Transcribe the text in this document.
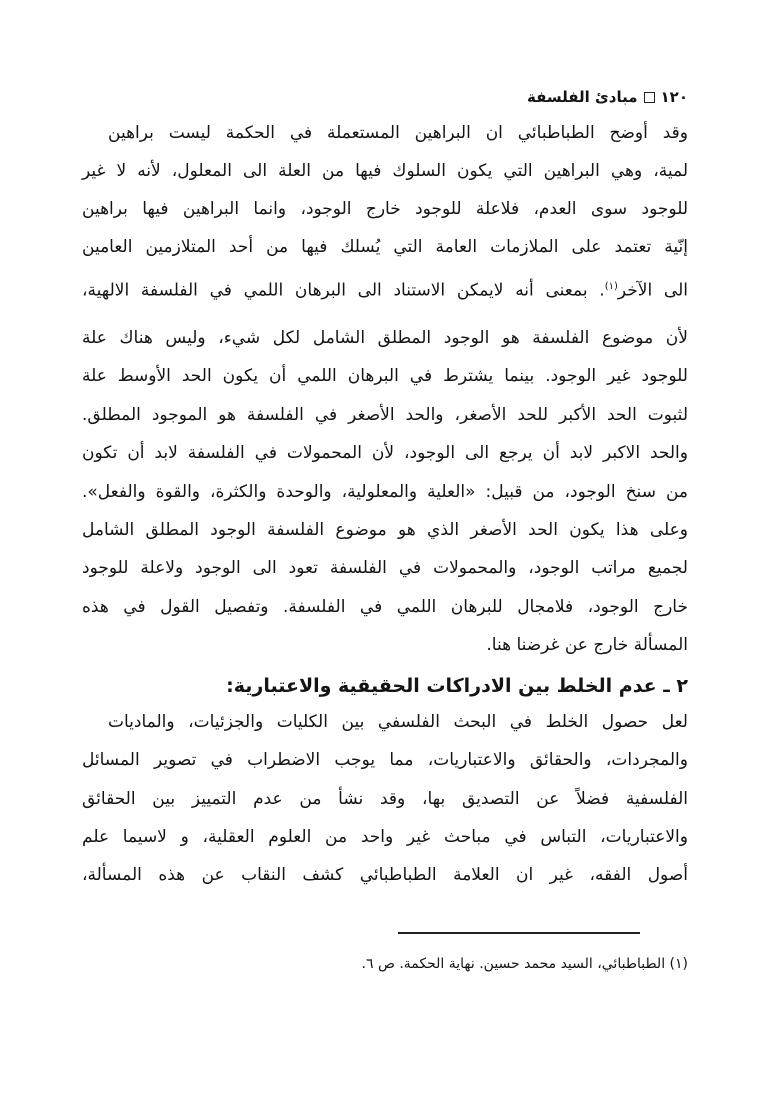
١٢٠مبادئ الفلسفة
وقد أوضح الطباطبائي ان البراهين المستعملة في الحكمة ليست براهين
لمية، وهي البراهين التي يكون السلوك فيها من العلة الى المعلول، لأنه لا غير
للوجود سوى العدم، فلاعلة للوجود خارج الوجود، وانما البراهين فيها براهين
إنّية تعتمد على الملازمات العامة التي يُسلك فيها من أحد المتلازمين العامين
الى الآخر$^{(١)}$. بمعنى أنه لايمكن الاستناد الى البرهان اللمي في الفلسفة الالهية،
لأن موضوع الفلسفة هو الوجود المطلق الشامل لكل شيء، وليس هناك علة
للوجود غير الوجود. بينما يشترط في البرهان اللمي أن يكون الحد الأوسط علة
لثبوت الحد الأكبر للحد الأصغر، والحد الأصغر في الفلسفة هو الموجود المطلق.
والحد الاكبر لابد أن يرجع الى الوجود، لأن المحمولات في الفلسفة لابد أن تكون
من سنخ الوجود، من قبيل: «العلية والمعلولية، والوحدة والكثرة، والقوة والفعل».
وعلى هذا يكون الحد الأصغر الذي هو موضوع الفلسفة الوجود المطلق الشامل
لجميع مراتب الوجود، والمحمولات في الفلسفة تعود الى الوجود ولاعلة للوجود
خارج الوجود، فلامجال للبرهان اللمي في الفلسفة. وتفصيل القول في هذه
المسألة خارج عن غرضنا هنا.
٢ ـ عدم الخلط بين الادراكات الحقيقية والاعتبارية:
لعل حصول الخلط في البحث الفلسفي بين الكليات والجزئيات، والماديات
والمجردات، والحقائق والاعتباريات، مما يوجب الاضطراب في تصوير المسائل
الفلسفية فضلاً عن التصديق بها، وقد نشأ من عدم التمييز بين الحقائق
والاعتباريات، التباس في مباحث غير واحد من العلوم العقلية، و لاسيما علم
أصول الفقه، غير ان العلامة الطباطبائي كشف النقاب عن هذه المسألة،
(١) الطباطبائي، السيد محمد حسين. نهاية الحكمة. ص ٦.
